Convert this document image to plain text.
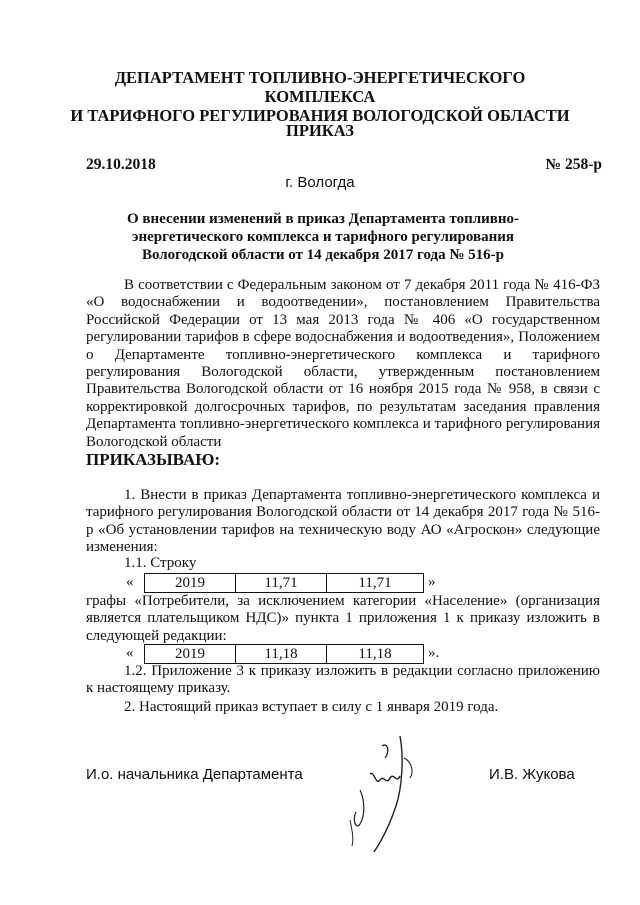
ДЕПАРТАМЕНТ ТОПЛИВНО-ЭНЕРГЕТИЧЕСКОГО КОМПЛЕКСА
И ТАРИФНОГО РЕГУЛИРОВАНИЯ ВОЛОГОДСКОЙ ОБЛАСТИ
ПРИКАЗ
29.10.2018	№ 258-р
г. Вологда
О внесении изменений в приказ Департамента топливно-энергетического комплекса и тарифного регулирования Вологодской области от 14 декабря 2017 года № 516-р
В соответствии с Федеральным законом от 7 декабря 2011 года № 416-ФЗ «О водоснабжении и водоотведении», постановлением Правительства Российской Федерации от 13 мая 2013 года № 406 «О государственном регулировании тарифов в сфере водоснабжения и водоотведения», Положением о Департаменте топливно-энергетического комплекса и тарифного регулирования Вологодской области, утвержденным постановлением Правительства Вологодской области от 16 ноября 2015 года № 958, в связи с корректировкой долгосрочных тарифов, по результатам заседания правления Департамента топливно-энергетического комплекса и тарифного регулирования Вологодской области
ПРИКАЗЫВАЮ:
1. Внести в приказ Департамента топливно-энергетического комплекса и тарифного регулирования Вологодской области от 14 декабря 2017 года № 516-р «Об установлении тарифов на техническую воду АО «Агроскон» следующие изменения:
1.1. Строку
«	2019	11,71	11,71	»
графы «Потребители, за исключением категории «Население» (организация является плательщиком НДС)» пункта 1 приложения 1 к приказу изложить в следующей редакции:
«	2019	11,18	11,18	».
1.2. Приложение 3 к приказу изложить в редакции согласно приложению к настоящему приказу.
2. Настоящий приказ вступает в силу с 1 января 2019 года.
И.о. начальника Департамента	И.В. Жукова
